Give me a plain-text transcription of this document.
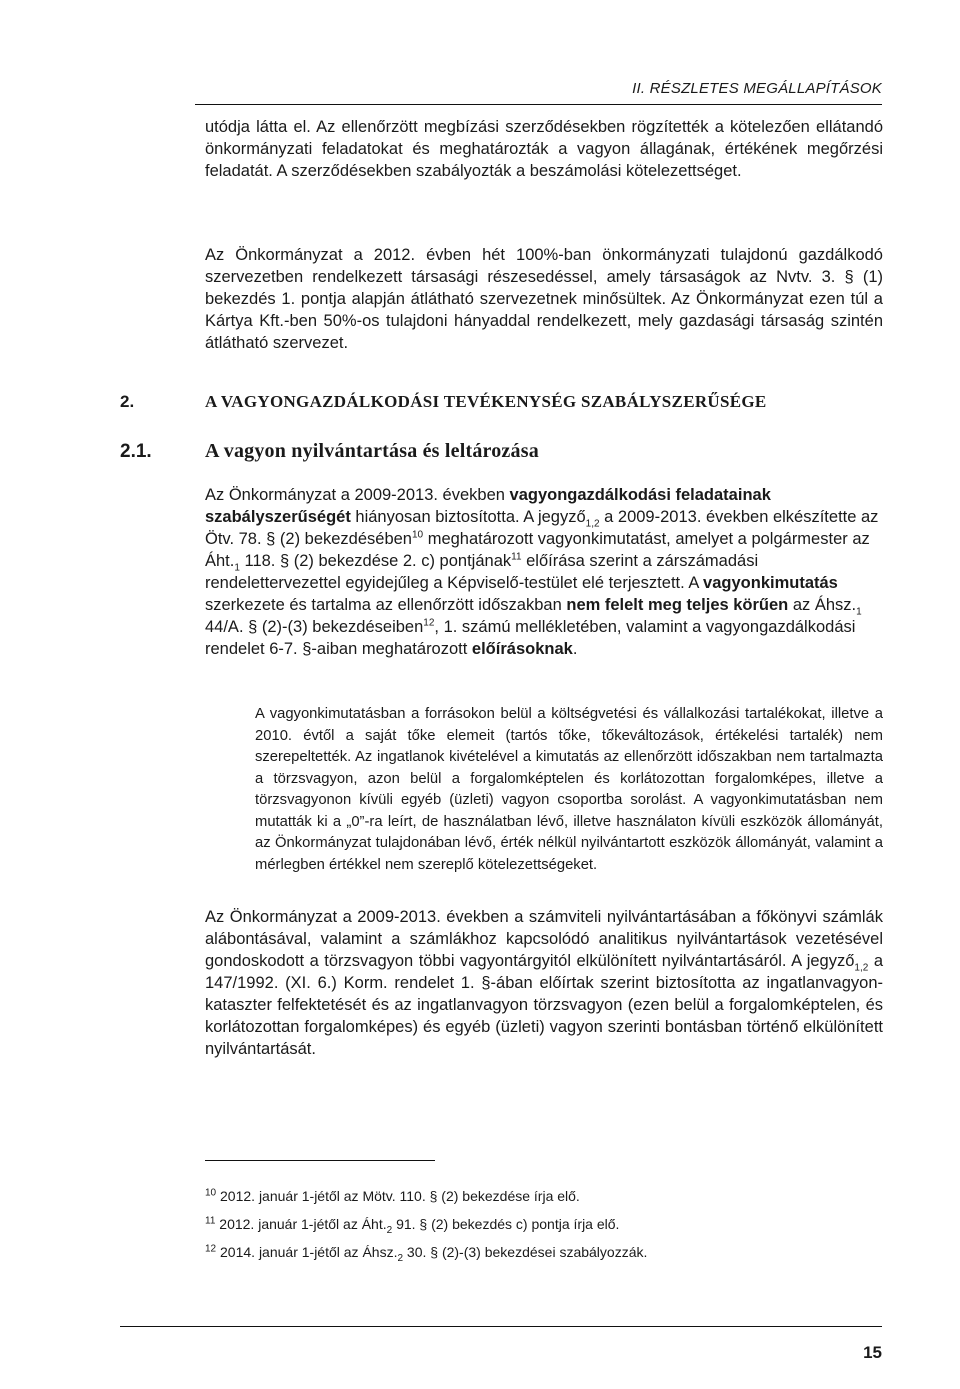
II. RÉSZLETES MEGÁLLAPÍTÁSOK

utódja látta el. Az ellenőrzött megbízási szerződésekben rögzítették a kötelezően ellátandó önkormányzati feladatokat és meghatározták a vagyon állagának, értékének megőrzési feladatát. A szerződésekben szabályozták a beszámolási kötelezettséget.

Az Önkormányzat a 2012. évben hét 100%-ban önkormányzati tulajdonú gazdálkodó szervezetben rendelkezett társasági részesedéssel, amely társaságok az Nvtv. 3. § (1) bekezdés 1. pontja alapján átlátható szervezetnek minősültek. Az Önkormányzat ezen túl a Kártya Kft.-ben 50%-os tulajdoni hányaddal rendelkezett, mely gazdasági társaság szintén átlátható szervezet.

2.	A VAGYONGAZDÁLKODÁSI TEVÉKENYSÉG SZABÁLYSZERŰSÉGE
2.1.	A vagyon nyilvántartása és leltározása

Az Önkormányzat a 2009-2013. években vagyongazdálkodási feladatainak szabályszerűségét hiányosan biztosította. A jegyző$_{1,2}$ a 2009-2013. években elkészítette az Ötv. 78. § (2) bekezdésében$^{10}$ meghatározott vagyonkimutatást, amelyet a polgármester az $Áht._1$ 118. § (2) bekezdése 2. c) pontjának$^{11}$ előírása szerint a zárszámadási rendelettervezettel egyidejűleg a Képviselő-testület elé terjesztett. A vagyonkimutatás szerkezete és tartalma az ellenőrzött időszakban nem felelt meg teljes körűen az $Áhsz._1$ 44/A. § (2)-(3) bekezdéseiben$^{12}$, 1. számú mellékletében, valamint a vagyongazdálkodási rendelet 6-7. §-aiban meghatározott előírásoknak.

A vagyonkimutatásban a forrásokon belül a költségvetési és vállalkozási tartalékokat, illetve a 2010. évtől a saját tőke elemeit (tartós tőke, tőkeváltozások, értékelési tartalék) nem szerepeltették. Az ingatlanok kivételével a kimutatás az ellenőrzött időszakban nem tartalmazta a törzsvagyon, azon belül a forgalomképtelen és korlátozottan forgalomképes, illetve a törzsvagyonon kívüli egyéb (üzleti) vagyon csoportba sorolást. A vagyonkimutatásban nem mutatták ki a „0”-ra leírt, de használatban lévő, illetve használaton kívüli eszközök állományát, az Önkormányzat tulajdonában lévő, érték nélkül nyilvántartott eszközök állományát, valamint a mérlegben értékkel nem szereplő kötelezettségeket.

Az Önkormányzat a 2009-2013. években a számviteli nyilvántartásában a főkönyvi számlák alábontásával, valamint a számlákhoz kapcsolódó analitikus nyilvántartások vezetésével gondoskodott a törzsvagyon többi vagyontárgyitól elkülönített nyilvántartásáról. A jegyző$_{1,2}$ a 147/1992. (XI. 6.) Korm. rendelet 1. §-ában előírtak szerint biztosította az ingatlanvagyon-kataszter felfektetését és az ingatlanvagyon törzsvagyon (ezen belül a forgalomképtelen, és korlátozottan forgalomképes) és egyéb (üzleti) vagyon szerinti bontásban történő elkülönített nyilvántartását.

$^{10}$ 2012. január 1-jétől az Mötv. 110. § (2) bekezdése írja elő.
$^{11}$ 2012. január 1-jétől az $Áht._2$ 91. § (2) bekezdés c) pontja írja elő.
$^{12}$ 2014. január 1-jétől az $Áhsz._2$ 30. § (2)-(3) bekezdései szabályozzák.
15
